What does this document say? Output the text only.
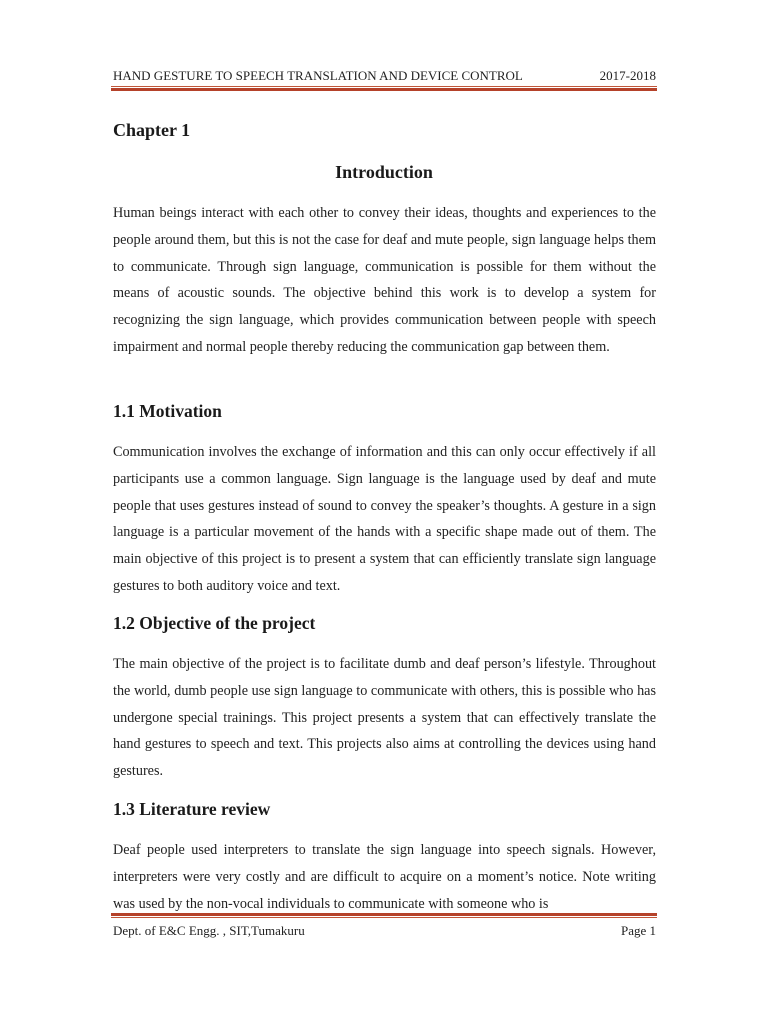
HAND GESTURE TO SPEECH TRANSLATION AND DEVICE CONTROL	2017-2018
Chapter 1
Introduction

Human beings interact with each other to convey their ideas, thoughts and experiences to the people around them, but this is not the case for deaf and mute people, sign language helps them to communicate. Through sign language, communication is possible for them without the means of acoustic sounds. The objective behind this work is to develop a system for recognizing the sign language, which provides communication between people with speech impairment and normal people thereby reducing the communication gap between them.

1.1 Motivation

Communication involves the exchange of information and this can only occur effectively if all participants use a common language. Sign language is the language used by deaf and mute people that uses gestures instead of sound to convey the speaker’s thoughts. A gesture in a sign language is a particular movement of the hands with a specific shape made out of them. The main objective of this project is to present a system that can efficiently translate sign language gestures to both auditory voice and text.

1.2 Objective of the project

The main objective of the project is to facilitate dumb and deaf person’s lifestyle. Throughout the world, dumb people use sign language to communicate with others, this is possible who has undergone special trainings. This project presents a system that can effectively translate the hand gestures to speech and text. This projects also aims at controlling the devices using hand gestures.

1.3 Literature review

Deaf people used interpreters to translate the sign language into speech signals. However, interpreters were very costly and are difficult to acquire on a moment’s notice. Note writing was used by the non-vocal individuals to communicate with someone who is

Dept. of E&C Engg. , SIT,Tumakuru	Page 1
